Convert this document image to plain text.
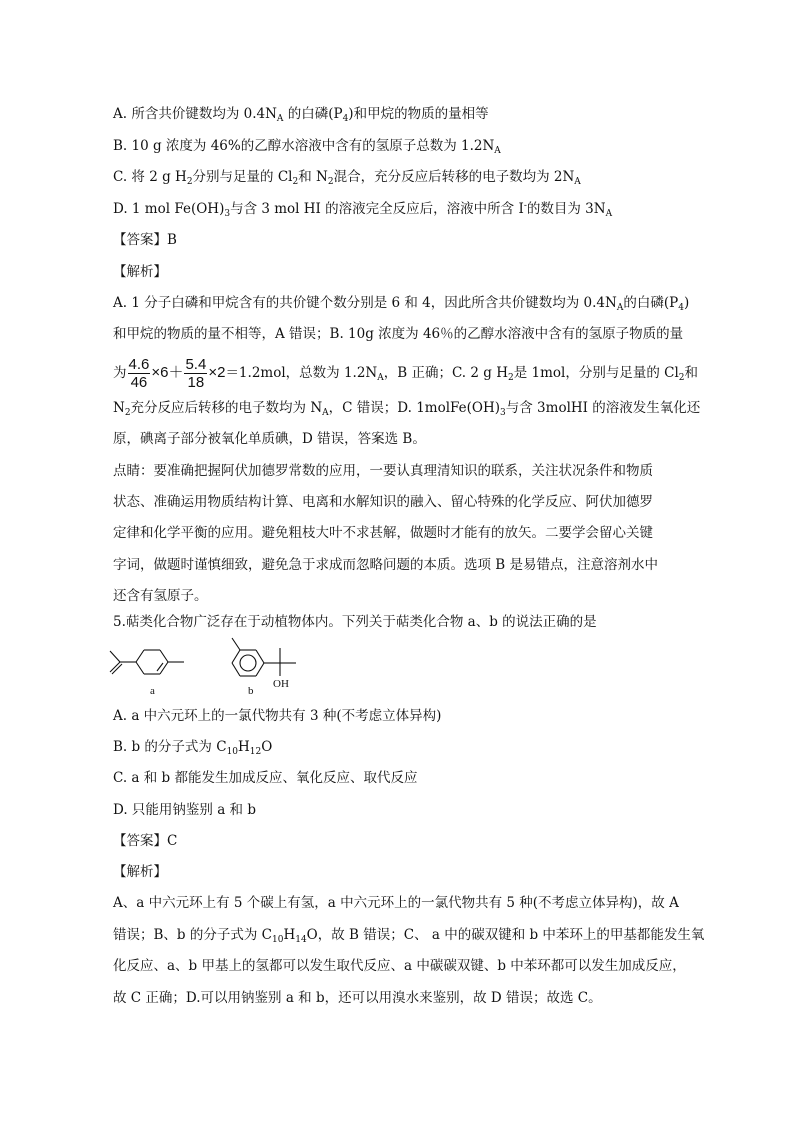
A. 所含共价键数均为 $0.4N_A$ 的白磷$(P_4)$和甲烷的物质的量相等
B. 10 g 浓度为 46%的乙醇水溶液中含有的氢原子总数为 $1.2N_A$
C. 将 2 g $H_2$分别与足量的 $Cl_2$和 $N_2$混合，充分反应后转移的电子数均为 $2N_A$
D. 1 mol $Fe(OH)_3$与含 3 mol HI 的溶液完全反应后，溶液中所含 I-的数目为 $3N_A$
【答案】B
【解析】
A. 1 分子白磷和甲烷含有的共价键个数分别是 6 和 4，因此所含共价键数均为 $0.4N_A$的白磷$(P_4)$
和甲烷的物质的量不相等，A 错误；B. 10g 浓度为 46％的乙醇水溶液中含有的氢原子物质的量
为 $\frac{4.6}{46} \times 6+ \frac{5.4}{18} \times 2=1.2mol$，总数为 $1.2N_A$，B 正确；C. 2 g $H_2$是 1mol，分别与足量的 $Cl_2$和
$N_2$充分反应后转移的电子数均为 $N_A$，C 错误；D. $1molFe(OH)_3$与含 3molHI 的溶液发生氧化还
原，碘离子部分被氧化单质碘，D 错误，答案选 B。
点睛：要准确把握阿伏加德罗常数的应用，一要认真理清知识的联系，关注状况条件和物质
状态、准确运用物质结构计算、电离和水解知识的融入、留心特殊的化学反应、阿伏加德罗
定律和化学平衡的应用。避免粗枝大叶不求甚解，做题时才能有的放矢。二要学会留心关键
字词，做题时谨慎细致，避免急于求成而忽略问题的本质。选项 B 是易错点，注意溶剂水中
还含有氢原子。
5.萜类化合物广泛存在于动植物体内。下列关于萜类化合物 a、b 的说法正确的是
a
OH
b
A. a 中六元环上的一氯代物共有 3 种(不考虑立体异构)
B. b 的分子式为 $C_{10}H_{12}O$
C. a 和 b 都能发生加成反应、氧化反应、取代反应
D. 只能用钠鉴别 a 和 b
【答案】C
【解析】
A、a 中六元环上有 5 个碳上有氢，a 中六元环上的一氯代物共有 5 种(不考虑立体异构)，故 A
错误；B、b 的分子式为 $C_{10}H_{14}O$，故 B 错误；C、 a 中的碳双键和 b 中苯环上的甲基都能发生氧
化反应、a、b 甲基上的氢都可以发生取代反应、a 中碳碳双键、b 中苯环都可以发生加成反应，
故 C 正确；D.可以用钠鉴别 a 和 b，还可以用溴水来鉴别，故 D 错误；故选 C。
